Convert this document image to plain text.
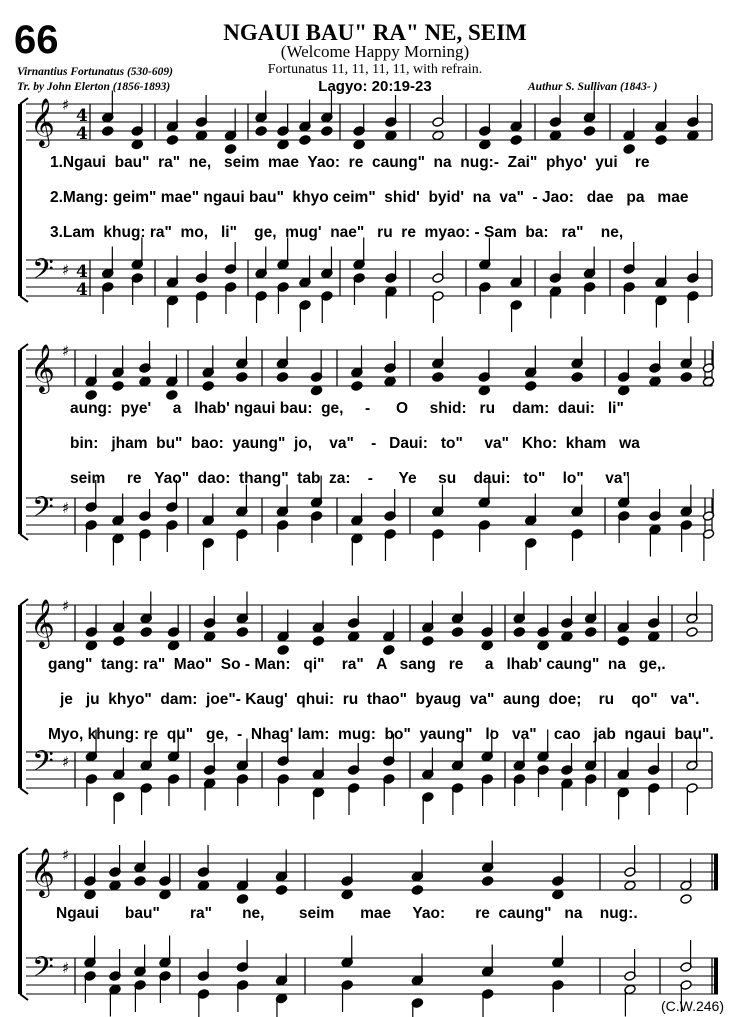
66	NGAUI BAU" RA" NE, SEIM
(Welcome Happy Morning)
Fortunatus 11, 11, 11, 11, with refrain.
Lagyo: 20:19-23
Virnantius Fortunatus (530-609)
Tr. by John Elerton (1856-1893)	Authur S. Sullivan (1843- )
1.Ngaui  bau"  ra"  ne,   seim  mae  Yao:  re  caung"  na  nug:-  Zai"  phyo'  yui    re
2.Mang: geim" mae" ngaui bau"  khyo ceim"  shid'  byid'  na  va"  - Jao:   dae   pa   mae
3.Lam  khug: ra"  mo,   li"    ge,  mug'  nae"   ru  re  myao: - Sam  ba:   ra"    ne,
aung:  pye'     a   lhab' ngaui bau:  ge,     -      O     shid:   ru    dam:  daui:   li"
bin:   jham  bu"  bao:  yaung"  jo,    va"    -   Daui:   to"     va"   Kho:  kham   wa
seim     re   Yao"  dao:  thang"  tab  za:    -      Ye     su    daui:   to"    lo"     va"
gang"  tang: ra"  Mao"  So - Man:   qi"    ra"   A   sang   re     a   lhab' caung"  na   ge,.
je   ju  khyo"  dam:  joe"- Kaug'  qhui:  ru  thao"  byaug  va"  aung  doe;    ru    qo"   va".
Myo, khung: re  qu"   ge,  -  Nhag' lam:  mug:  bo"  yaung"   lo   va"    cao   jab  ngaui  bau".
Ngaui      bau"       ra"       ne,        seim      mae     Yao:       re  caung"   na    nug:.
(C.W.246)
𝄞
𝄢
♯
♯
4
4
4
4
𝄞
𝄢
♯
♯
𝄞
𝄢
♯
♯
𝄞
𝄢
♯
♯
